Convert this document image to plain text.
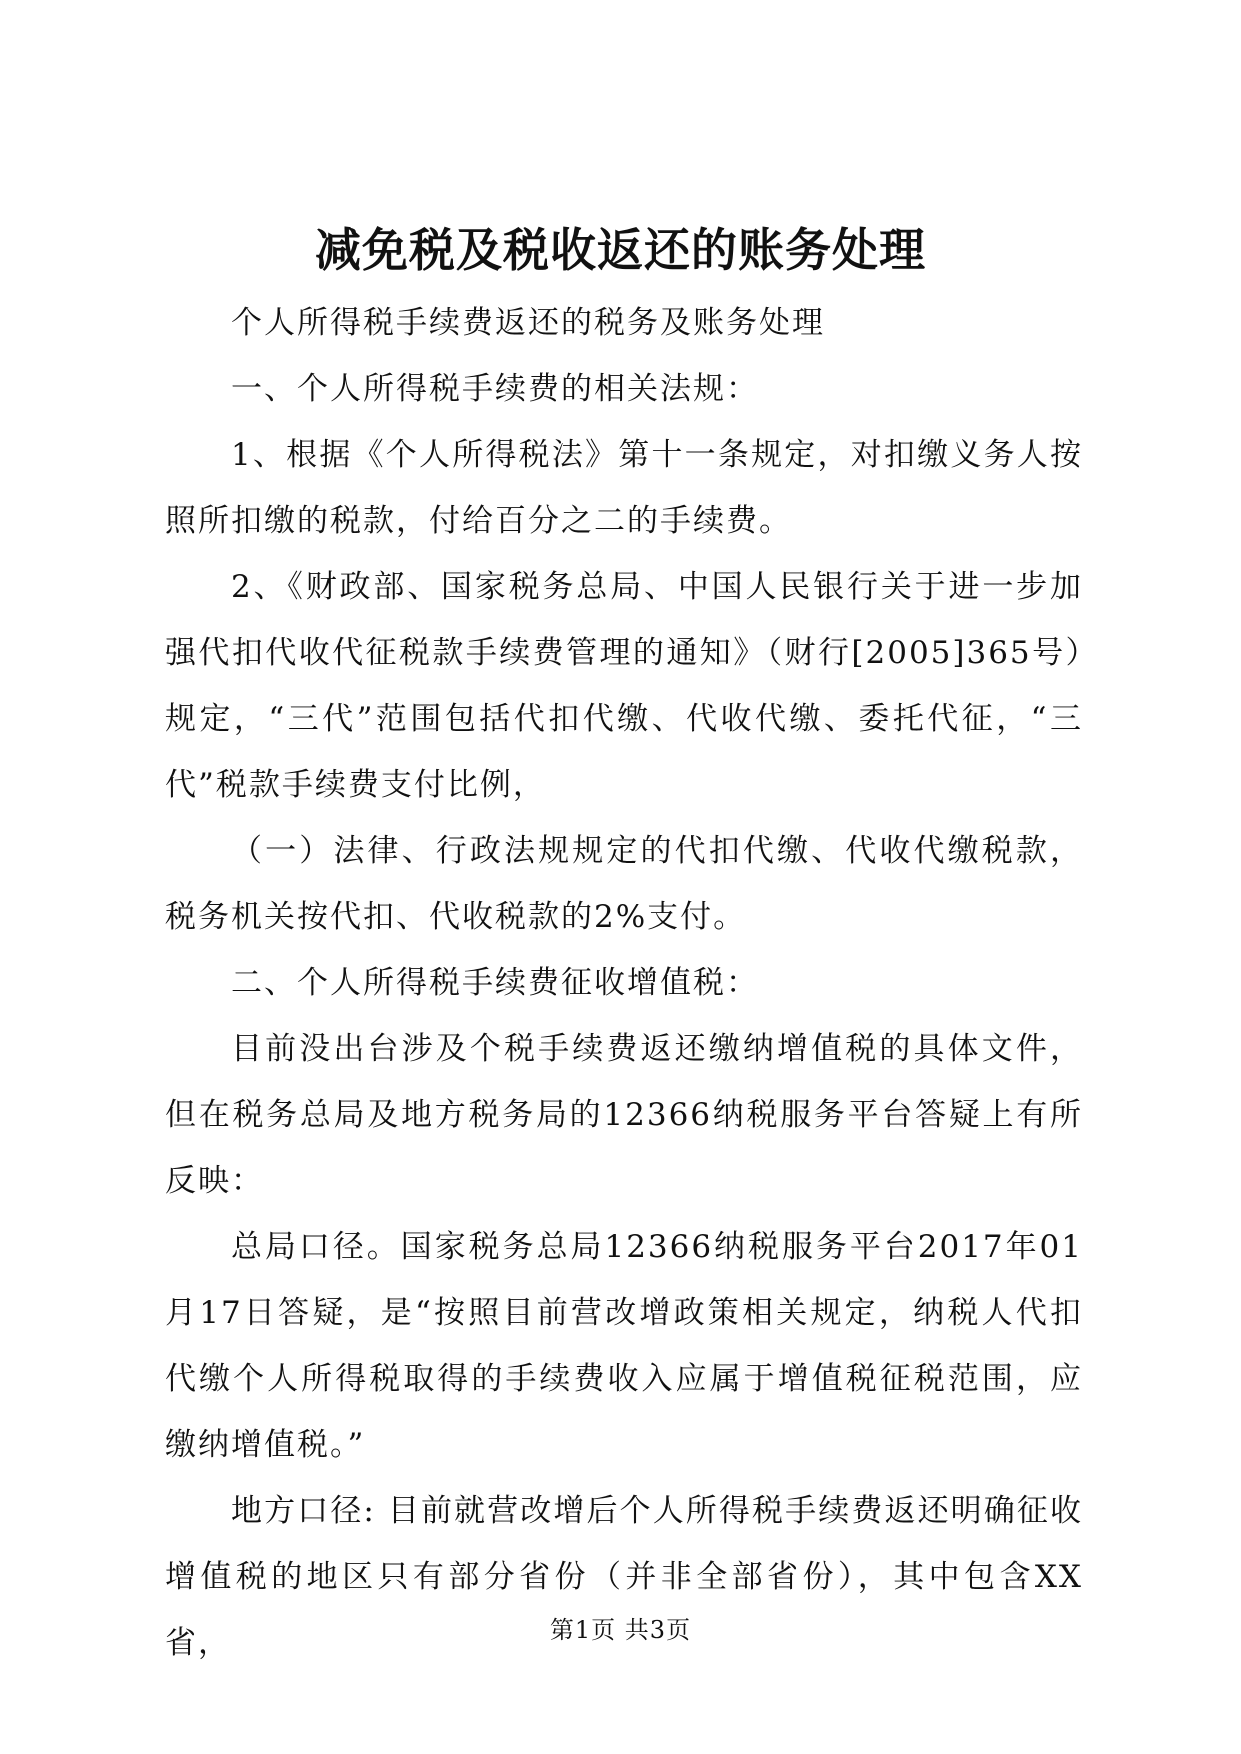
减免税及税收返还的账务处理

个人所得税手续费返还的税务及账务处理

一、个人所得税手续费的相关法规：

1、根据《个人所得税法》第十一条规定，对扣缴义务人按照所扣缴的税款，付给百分之二的手续费。

2、《财政部、国家税务总局、中国人民银行关于进一步加强代扣代收代征税款手续费管理的通知》（财行[2005]365号）规定，“三代”范围包括代扣代缴、代收代缴、委托代征，“三代”税款手续费支付比例，

（一）法律、行政法规规定的代扣代缴、代收代缴税款，税务机关按代扣、代收税款的2%支付。

二、个人所得税手续费征收增值税：

目前没出台涉及个税手续费返还缴纳增值税的具体文件，但在税务总局及地方税务局的12366纳税服务平台答疑上有所反映：

总局口径。国家税务总局12366纳税服务平台2017年01月17日答疑，是“按照目前营改增政策相关规定，纳税人代扣代缴个人所得税取得的手续费收入应属于增值税征税范围，应缴纳增值税。”

地方口径: 目前就营改增后个人所得税手续费返还明确征收增值税的地区只有部分省份（并非全部省份），其中包含XX省，	第1页 共3页
